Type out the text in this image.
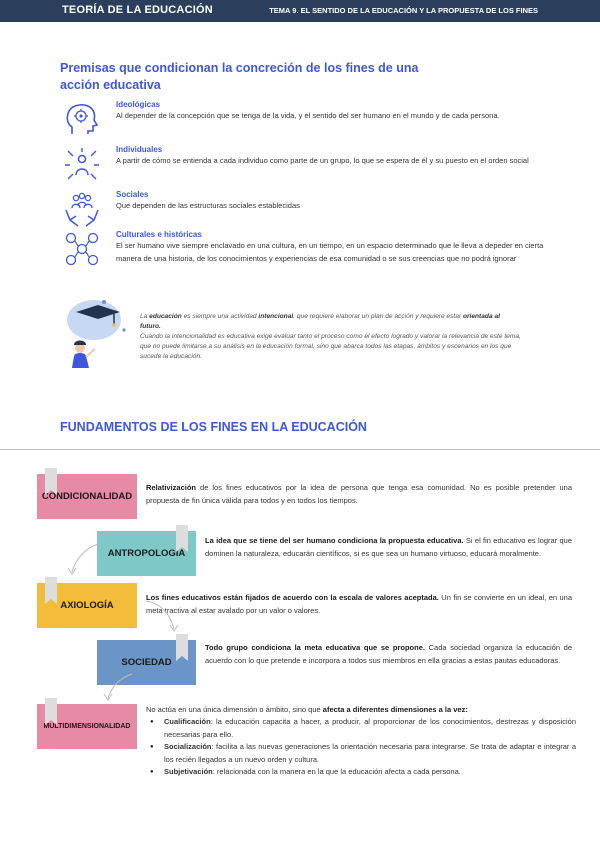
TEORÍA DE LA EDUCACIÓN	TEMA 9. EL SENTIDO DE LA EDUCACIÓN Y LA PROPUESTA DE LOS FINES
Premisas que condicionan la concreción de los fines de una acción educativa
Ideológicas
Al depender de la concepción que se tenga de la vida, y el sentido del ser humano en el mundo y de cada persona.
Individuales
A partir de cómo se entienda a cada individuo como parte de un grupo, lo que se espera de él y su puesto en el orden social
Sociales
Que dependen de las estructuras sociales establecidas
Culturales e históricas
El ser humano vive siempre enclavado en una cultura, en un tiempo, en un espacio determinado que le lleva a depeder en cierta manera de una historia, de los conocimientos y experiencias de esa comunidad o se sus creencias que no podrá ignorar
La educación es siempre una actividad intencional, que requiere elaborar un plan de acción y requiere estar orientada al futuro.
Cuando la intencionalidad es educativa exige evaluar tanto el proceso como el efecto logrado y valorar la relevancia de este tema, que no puede limitarse a su análisis en la educación formal, sino que abarca todos las etapas, ámbitos y escenarios en los que sucede la educación.
FUNDAMENTOS DE LOS FINES EN LA EDUCACIÓN
CONDICIONALIDAD
Relativización de los fines educativos por la idea de persona que tenga esa comunidad. No es posible pretender una propuesta de fin única válida para todos y en todos los tiempos.
ANTROPOLOGÍA
La idea que se tiene del ser humano condiciona la propuesta educativa. Si el fin educativo es lograr que dominen la naturaleza, educarán científicos, si es que sea un humano virtuoso, educará moralmente.
AXIOLOGÍA
Los fines educativos están fijados de acuerdo con la escala de valores aceptada. Un fin se convierte en un ideal, en una meta tractiva al estar avalado por un valor o valores.
SOCIEDAD
Todo grupo condiciona la meta educativa que se propone. Cada sociedad organiza la educación de acuerdo con lo que pretende e incorpora a todos sus miembros en ella gracias a estas pautas educadoras.
MULTIDIMENSIONALIDAD
No actúa en una única dimensión o ámbito, sino que afecta a diferentes dimensiones a la vez:
● Cualificación: la educación capacita a hacer, a producir, al proporcionar de los conocimientos, destrezas y disposición necesarias para ello.
● Socialización: facilita a las nuevas generaciones la orientación necesaria para integrarse. Se trata de adaptar e integrar a los recién llegados a un nuevo orden y cultura.
● Subjetivación: relacionada con la manera en la que la educación afecta a cada persona.
